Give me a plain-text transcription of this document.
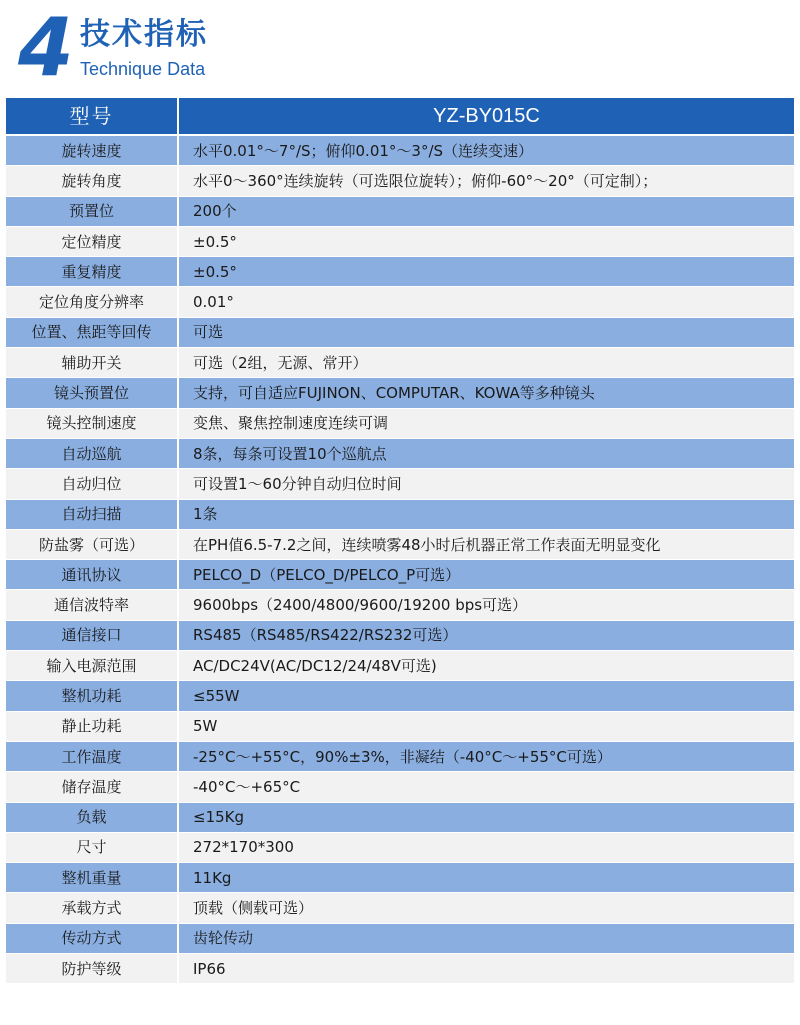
4 技术指标
Technique Data
型号	YZ-BY015C
旋转速度	水平0.01°～7°/S；俯仰0.01°～3°/S（连续变速）
旋转角度	水平0～360°连续旋转（可选限位旋转）；俯仰-60°～20°（可定制）；
预置位	200个
定位精度	±0.5°
重复精度	±0.5°
定位角度分辨率	0.01°
位置、焦距等回传	可选
辅助开关	可选（2组，无源、常开）
镜头预置位	支持，可自适应FUJINON、COMPUTAR、KOWA等多种镜头
镜头控制速度	变焦、聚焦控制速度连续可调
自动巡航	8条，每条可设置10个巡航点
自动归位	可设置1～60分钟自动归位时间
自动扫描	1条
防盐雾（可选）	在PH值6.5-7.2之间，连续喷雾48小时后机器正常工作表面无明显变化
通讯协议	PELCO_D（PELCO_D/PELCO_P可选）
通信波特率	9600bps（2400/4800/9600/19200 bps可选）
通信接口	RS485（RS485/RS422/RS232可选）
输入电源范围	AC/DC24V(AC/DC12/24/48V可选)
整机功耗	≤55W
静止功耗	5W
工作温度	-25°C～+55°C，90%±3%，非凝结（-40°C～+55°C可选）
储存温度	-40°C～+65°C
负载	≤15Kg
尺寸	272*170*300
整机重量	11Kg
承载方式	顶载（侧载可选）
传动方式	齿轮传动
防护等级	IP66
